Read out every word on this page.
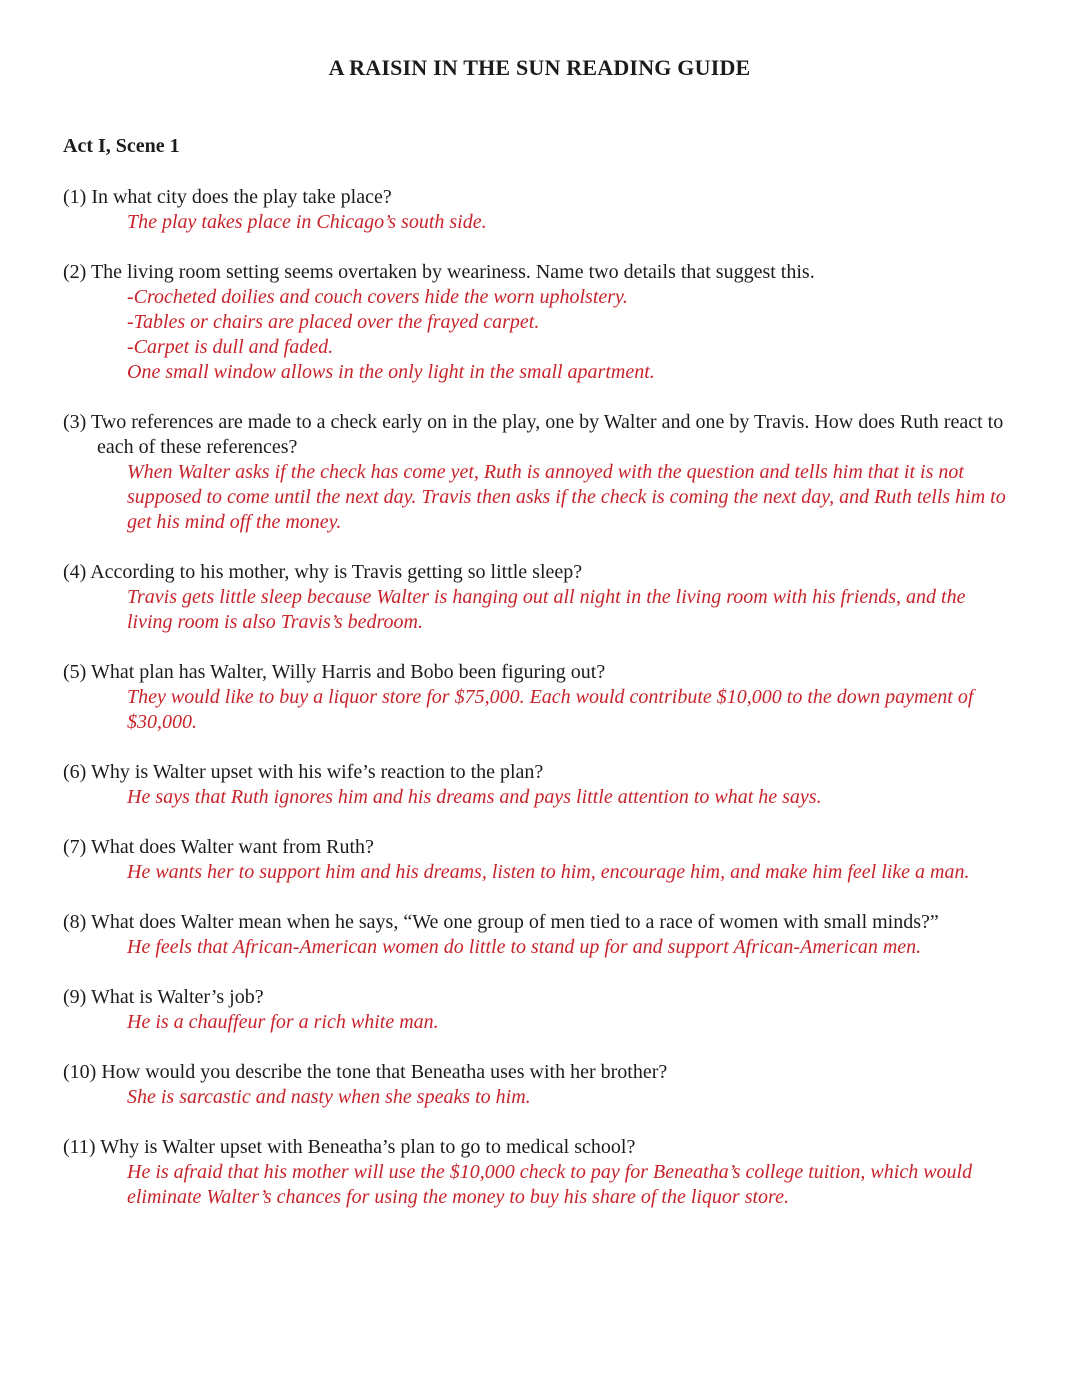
A RAISIN IN THE SUN READING GUIDE
Act I, Scene 1
(1) In what city does the play take place?
The play takes place in Chicago’s south side.
(2) The living room setting seems overtaken by weariness. Name two details that suggest this.
-Crocheted doilies and couch covers hide the worn upholstery.
-Tables or chairs are placed over the frayed carpet.
-Carpet is dull and faded.
One small window allows in the only light in the small apartment.
(3) Two references are made to a check early on in the play, one by Walter and one by Travis. How does Ruth react to each of these references?
When Walter asks if the check has come yet, Ruth is annoyed with the question and tells him that it is not supposed to come until the next day. Travis then asks if the check is coming the next day, and Ruth tells him to get his mind off the money.
(4) According to his mother, why is Travis getting so little sleep?
Travis gets little sleep because Walter is hanging out all night in the living room with his friends, and the living room is also Travis’s bedroom.
(5) What plan has Walter, Willy Harris and Bobo been figuring out?
They would like to buy a liquor store for $75,000. Each would contribute $10,000 to the down payment of $30,000.
(6) Why is Walter upset with his wife’s reaction to the plan?
He says that Ruth ignores him and his dreams and pays little attention to what he says.
(7) What does Walter want from Ruth?
He wants her to support him and his dreams, listen to him, encourage him, and make him feel like a man.
(8) What does Walter mean when he says, “We one group of men tied to a race of women with small minds?”
He feels that African-American women do little to stand up for and support African-American men.
(9) What is Walter’s job?
He is a chauffeur for a rich white man.
(10) How would you describe the tone that Beneatha uses with her brother?
She is sarcastic and nasty when she speaks to him.
(11) Why is Walter upset with Beneatha’s plan to go to medical school?
He is afraid that his mother will use the $10,000 check to pay for Beneatha’s college tuition, which would eliminate Walter’s chances for using the money to buy his share of the liquor store.
